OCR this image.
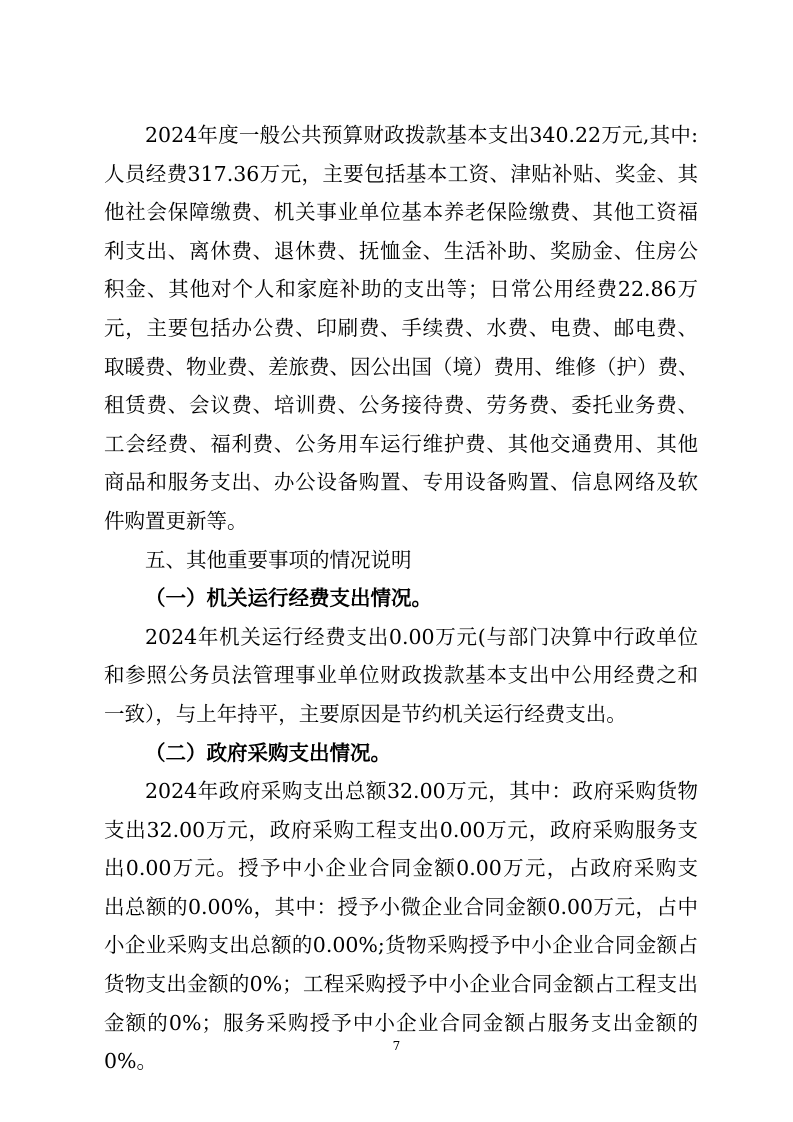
2024年度一般公共预算财政拨款基本支出340.22万元,其中:
人员经费317.36万元，主要包括基本工资、津贴补贴、奖金、其
他社会保障缴费、机关事业单位基本养老保险缴费、其他工资福
利支出、离休费、退休费、抚恤金、生活补助、奖励金、住房公
积金、其他对个人和家庭补助的支出等；日常公用经费22.86万
元，主要包括办公费、印刷费、手续费、水费、电费、邮电费、
取暖费、物业费、差旅费、因公出国（境）费用、维修（护）费、
租赁费、会议费、培训费、公务接待费、劳务费、委托业务费、
工会经费、福利费、公务用车运行维护费、其他交通费用、其他
商品和服务支出、办公设备购置、专用设备购置、信息网络及软
件购置更新等。
五、其他重要事项的情况说明
（一）机关运行经费支出情况。
2024年机关运行经费支出0.00万元(与部门决算中行政单位
和参照公务员法管理事业单位财政拨款基本支出中公用经费之和
一致），与上年持平，主要原因是节约机关运行经费支出。
（二）政府采购支出情况。
2024年政府采购支出总额32.00万元，其中：政府采购货物
支出32.00万元，政府采购工程支出0.00万元，政府采购服务支
出0.00万元。授予中小企业合同金额0.00万元，占政府采购支
出总额的0.00%，其中：授予小微企业合同金额0.00万元，占中
小企业采购支出总额的0.00%;货物采购授予中小企业合同金额占
货物支出金额的0%；工程采购授予中小企业合同金额占工程支出
金额的0%；服务采购授予中小企业合同金额占服务支出金额的
0%。
7
